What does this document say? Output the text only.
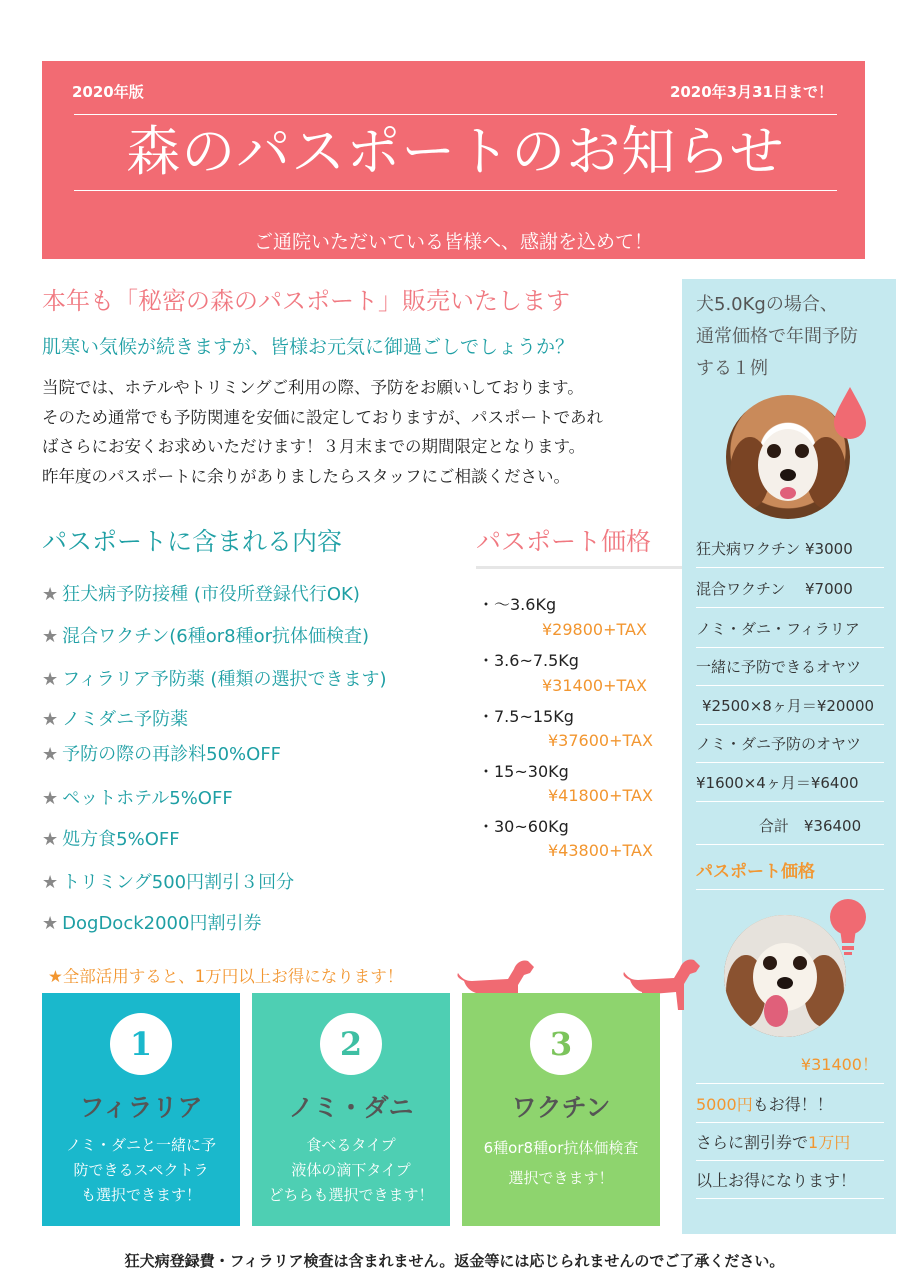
2020年版	2020年3月31日まで！
森のパスポートのお知らせ
ご通院いただいている皆様へ、感謝を込めて！
本年も「秘密の森のパスポート」販売いたします
肌寒い気候が続きますが、皆様お元気に御過ごしでしょうか？
当院では、ホテルやトリミングご利用の際、予防をお願いしております。
そのため通常でも予防関連を安価に設定しておりますが、パスポートであれ
ばさらにお安くお求めいただけます！３月末までの期間限定となります。
昨年度のパスポートに余りがありましたらスタッフにご相談ください。
パスポートに含まれる内容
★ 狂犬病予防接種 (市役所登録代行OK)
★ 混合ワクチン(6種or8種or抗体価検査)
★ フィラリア予防薬 (種類の選択できます)
★ ノミダニ予防薬
★ 予防の際の再診料50%OFF
★ ペットホテル5%OFF
★ 処方食5%OFF
★ トリミング500円割引３回分
★ DogDock2000円割引券
パスポート価格
・～3.6Kg
¥29800+TAX
・3.6~7.5Kg
¥31400+TAX
・7.5~15Kg
¥37600+TAX
・15~30Kg
¥41800+TAX
・30~60Kg
¥43800+TAX
犬5.0Kgの場合、
通常価格で年間予防
する１例
狂犬病ワクチン ¥3000
混合ワクチン　 ¥7000
ノミ・ダニ・フィラリア
一緒に予防できるオヤツ
¥2500×8ヶ月＝¥20000
ノミ・ダニ予防のオヤツ
¥1600×4ヶ月＝¥6400
合計　¥36400
パスポート価格
¥31400！
5000円 もお得！！
さらに割引券で 1万円
以上お得になります！
★全部活用すると、1万円以上お得になります！
1
フィラリア
ノミ・ダニと一緒に予
防できるスペクトラ
も選択できます！
2
ノミ・ダニ
食べるタイプ
液体の滴下タイプ
どちらも選択できます！
3
ワクチン
6種or8種or抗体価検査
選択できます！
狂犬病登録費・フィラリア検査は含まれません。返金等には応じられませんのでご了承ください。
